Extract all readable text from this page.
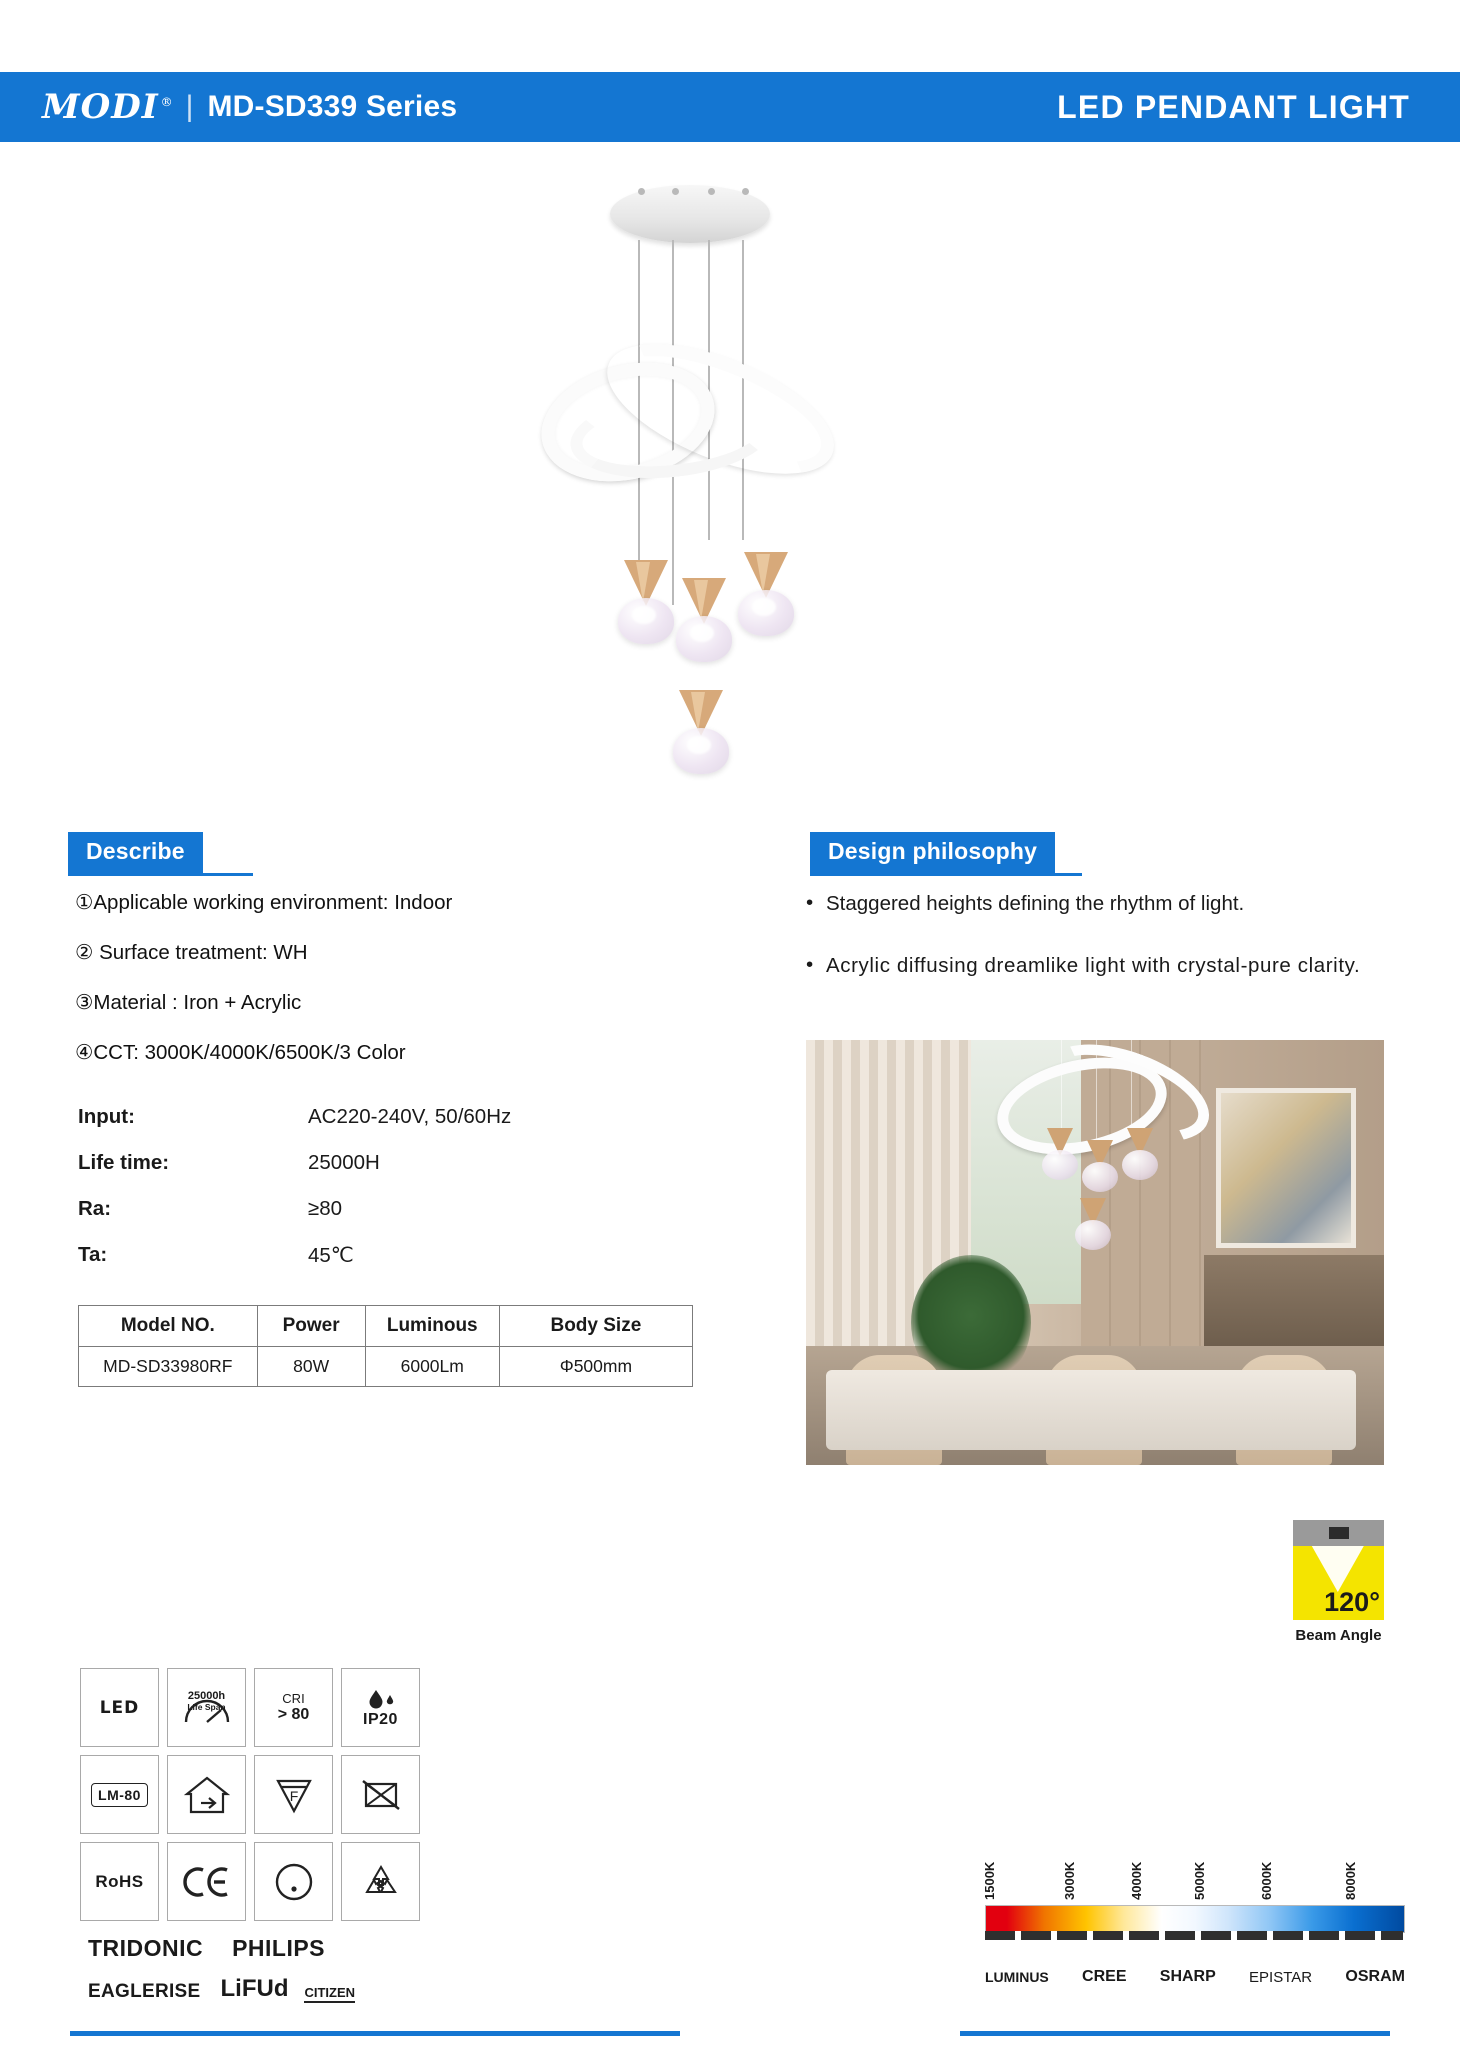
MODI ® | MD-SD339 Series	LED PENDANT LIGHT
Describe
①Applicable working environment: Indoor
② Surface treatment: WH
③Material : Iron + Acrylic
④CCT: 3000K/4000K/6500K/3 Color
Input:	AC220-240V, 50/60Hz
Life time:	25000H
Ra:	≥80
Ta:	45℃
Model NO.	Power	Luminous	Body Size
MD-SD33980RF	80W	6000Lm	Φ500mm
Design philosophy

• Staggered heights defining the rhythm of light.

• Acrylic diffusing dreamlike light with crystal-pure clarity.

120°
Beam Angle
LED
25000h
Life Span
CRI
> 80	IP20
LM-80	F
RoHS
TRIDONIC PHILIPS
EAGLERISE LiFUd CITIZEN
1500K	3000K	4000K	5000K	6000K	8000K
LUMINUS CREE SHARP EPISTAR OSRAM
